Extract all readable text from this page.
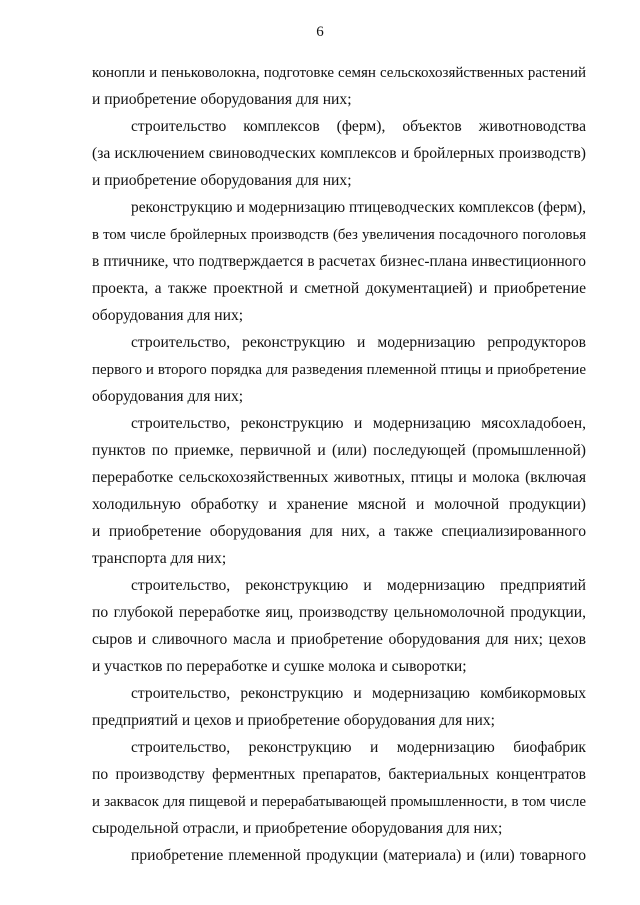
6
конопли и пеньковолокна, подготовке семян сельскохозяйственных растений
и приобретение оборудования для них;
строительство комплексов (ферм), объектов животноводства
(за исключением свиноводческих комплексов и бройлерных производств)
и приобретение оборудования для них;
реконструкцию и модернизацию птицеводческих комплексов (ферм),
в том числе бройлерных производств (без увеличения посадочного поголовья
в птичнике, что подтверждается в расчетах бизнес-плана инвестиционного
проекта, а также проектной и сметной документацией) и приобретение
оборудования для них;
строительство, реконструкцию и модернизацию репродукторов
первого и второго порядка для разведения племенной птицы и приобретение
оборудования для них;
строительство, реконструкцию и модернизацию мясохладобоен,
пунктов по приемке, первичной и (или) последующей (промышленной)
переработке сельскохозяйственных животных, птицы и молока (включая
холодильную обработку и хранение мясной и молочной продукции)
и приобретение оборудования для них, а также специализированного
транспорта для них;
строительство, реконструкцию и модернизацию предприятий
по глубокой переработке яиц, производству цельномолочной продукции,
сыров и сливочного масла и приобретение оборудования для них; цехов
и участков по переработке и сушке молока и сыворотки;
строительство, реконструкцию и модернизацию комбикормовых
предприятий и цехов и приобретение оборудования для них;
строительство, реконструкцию и модернизацию биофабрик
по производству ферментных препаратов, бактериальных концентратов
и заквасок для пищевой и перерабатывающей промышленности, в том числе
сыродельной отрасли, и приобретение оборудования для них;
приобретение племенной продукции (материала) и (или) товарного
